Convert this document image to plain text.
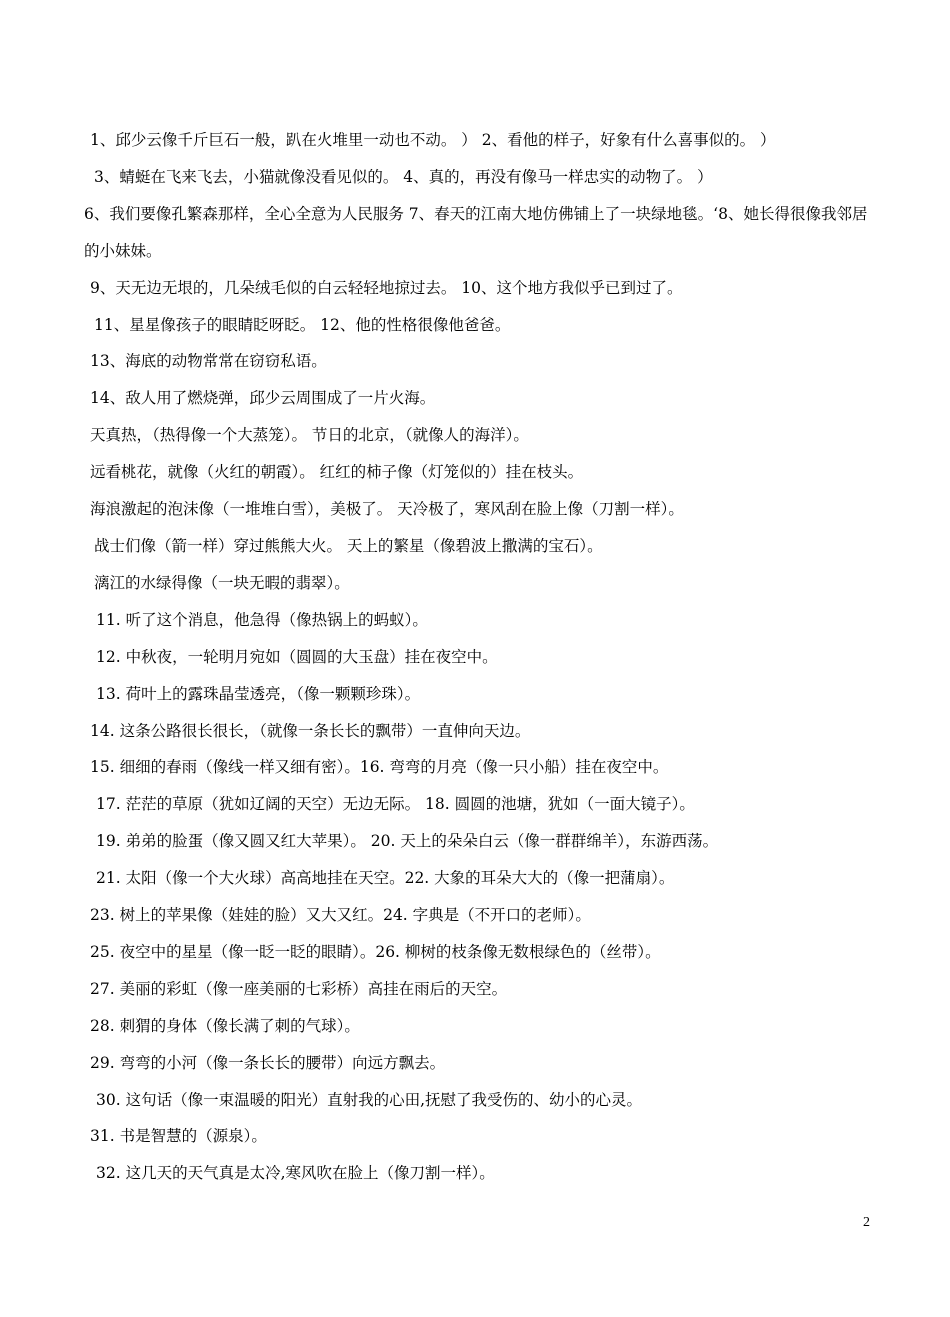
1、邱少云像千斤巨石一般，趴在火堆里一动也不动。 ） 2、看他的样子，好象有什么喜事似的。 ）
3、蜻蜓在飞来飞去，小猫就像没看见似的。 4、真的，再没有像马一样忠实的动物了。 ）
6、我们要像孔繁森那样，全心全意为人民服务 7、春天的江南大地仿佛铺上了一块绿地毯。‘8、她长得很像我邻居的小妹妹。
9、天无边无垠的，几朵绒毛似的白云轻轻地掠过去。 10、这个地方我似乎已到过了。
11、星星像孩子的眼睛眨呀眨。 12、他的性格很像他爸爸。
13、海底的动物常常在窃窃私语。
14、敌人用了燃烧弹，邱少云周围成了一片火海。
天真热，（热得像一个大蒸笼）。 节日的北京，（就像人的海洋）。
远看桃花，就像（火红的朝霞）。 红红的柿子像（灯笼似的）挂在枝头。
海浪激起的泡沫像（一堆堆白雪），美极了。 天冷极了，寒风刮在脸上像（刀割一样）。
战士们像（箭一样）穿过熊熊大火。 天上的繁星（像碧波上撒满的宝石）。
漓江的水绿得像（一块无暇的翡翠）。
11. 听了这个消息，他急得（像热锅上的蚂蚁）。
12. 中秋夜，一轮明月宛如（圆圆的大玉盘）挂在夜空中。
13. 荷叶上的露珠晶莹透亮，（像一颗颗珍珠）。
14. 这条公路很长很长，（就像一条长长的飘带）一直伸向天边。
15. 细细的春雨（像线一样又细有密）。16. 弯弯的月亮（像一只小船）挂在夜空中。
17. 茫茫的草原（犹如辽阔的天空）无边无际。 18. 圆圆的池塘，犹如（一面大镜子）。
19. 弟弟的脸蛋（像又圆又红大苹果）。 20. 天上的朵朵白云（像一群群绵羊），东游西荡。
21. 太阳（像一个大火球）高高地挂在天空。22. 大象的耳朵大大的（像一把蒲扇）。
23. 树上的苹果像（娃娃的脸）又大又红。24. 字典是（不开口的老师）。
25. 夜空中的星星（像一眨一眨的眼睛）。26. 柳树的枝条像无数根绿色的（丝带）。
27. 美丽的彩虹（像一座美丽的七彩桥）高挂在雨后的天空。
28. 刺猬的身体（像长满了刺的气球）。
29. 弯弯的小河（像一条长长的腰带）向远方飘去。
30. 这句话（像一束温暖的阳光）直射我的心田,抚慰了我受伤的、幼小的心灵。
31. 书是智慧的（源泉）。
32. 这几天的天气真是太冷,寒风吹在脸上（像刀割一样）。
2
